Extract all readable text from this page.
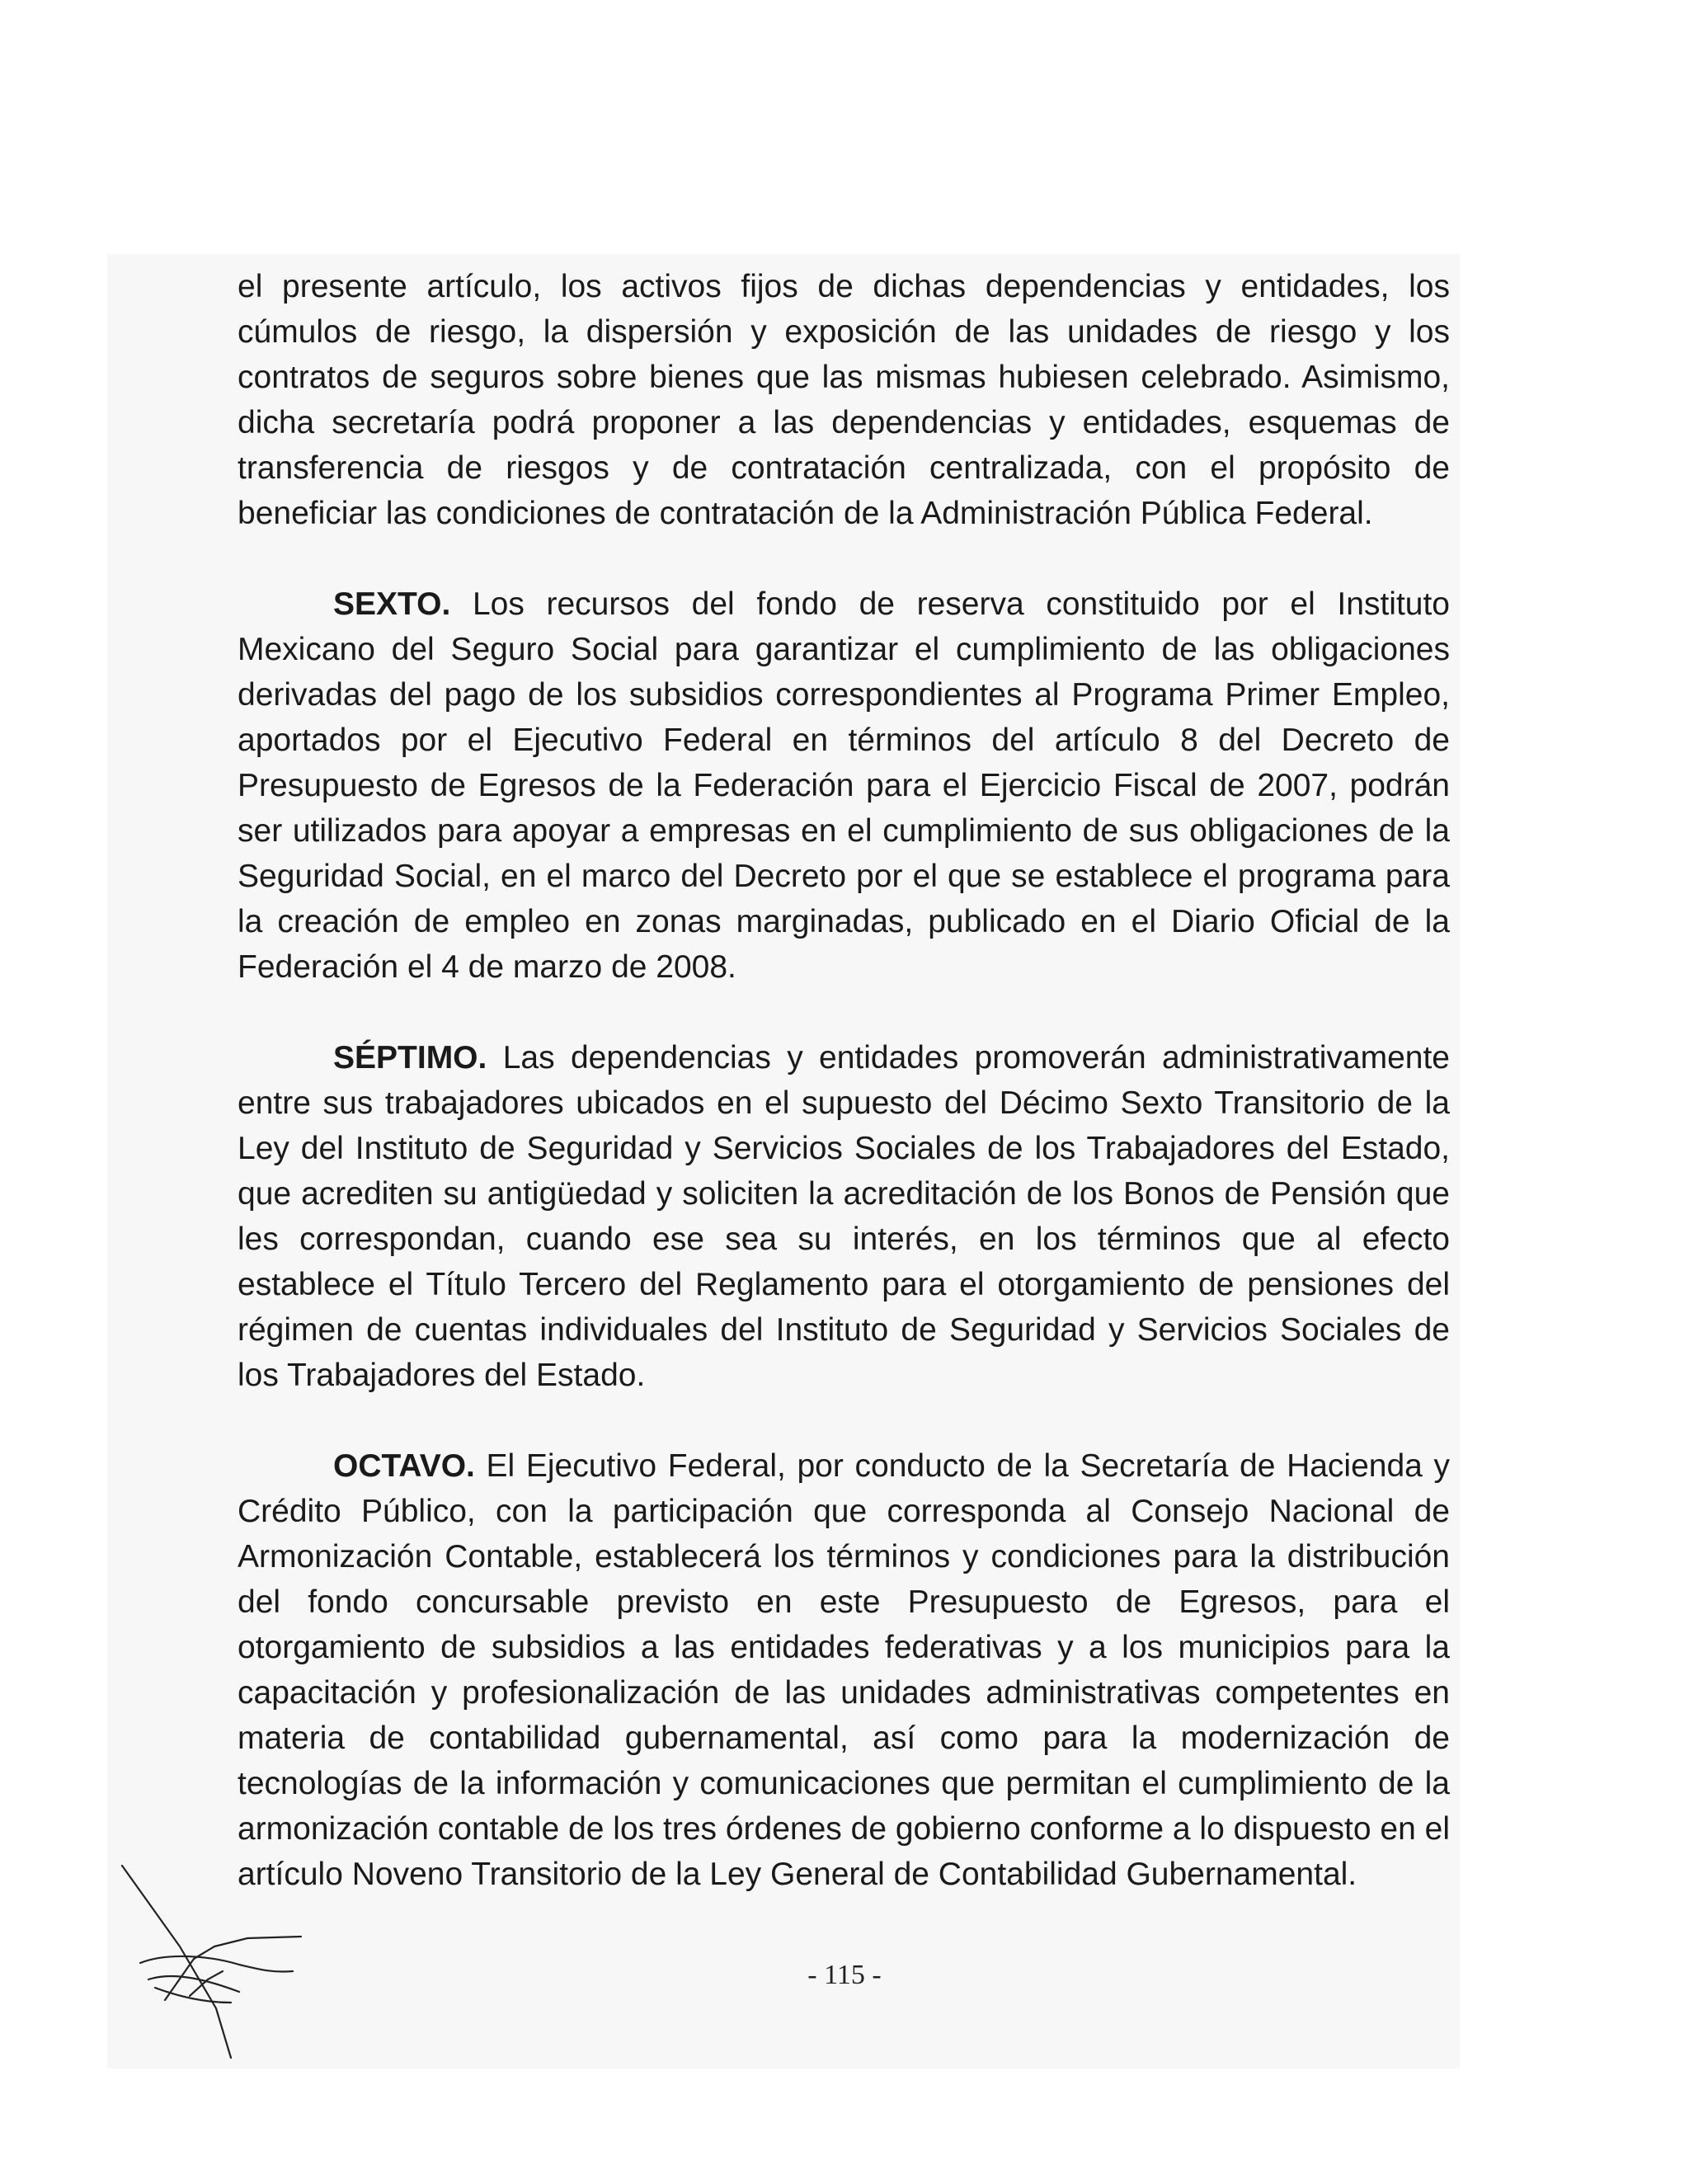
el presente artículo, los activos fijos de dichas dependencias y entidades, los cúmulos de riesgo, la dispersión y exposición de las unidades de riesgo y los contratos de seguros sobre bienes que las mismas hubiesen celebrado. Asimismo, dicha secretaría podrá proponer a las dependencias y entidades, esquemas de transferencia de riesgos y de contratación centralizada, con el propósito de beneficiar las condiciones de contratación de la Administración Pública Federal.

SEXTO. Los recursos del fondo de reserva constituido por el Instituto Mexicano del Seguro Social para garantizar el cumplimiento de las obligaciones derivadas del pago de los subsidios correspondientes al Programa Primer Empleo, aportados por el Ejecutivo Federal en términos del artículo 8 del Decreto de Presupuesto de Egresos de la Federación para el Ejercicio Fiscal de 2007, podrán ser utilizados para apoyar a empresas en el cumplimiento de sus obligaciones de la Seguridad Social, en el marco del Decreto por el que se establece el programa para la creación de empleo en zonas marginadas, publicado en el Diario Oficial de la Federación el 4 de marzo de 2008.

SÉPTIMO. Las dependencias y entidades promoverán administrativamente entre sus trabajadores ubicados en el supuesto del Décimo Sexto Transitorio de la Ley del Instituto de Seguridad y Servicios Sociales de los Trabajadores del Estado, que acrediten su antigüedad y soliciten la acreditación de los Bonos de Pensión que les correspondan, cuando ese sea su interés, en los términos que al efecto establece el Título Tercero del Reglamento para el otorgamiento de pensiones del régimen de cuentas individuales del Instituto de Seguridad y Servicios Sociales de los Trabajadores del Estado.

OCTAVO. El Ejecutivo Federal, por conducto de la Secretaría de Hacienda y Crédito Público, con la participación que corresponda al Consejo Nacional de Armonización Contable, establecerá los términos y condiciones para la distribución del fondo concursable previsto en este Presupuesto de Egresos, para el otorgamiento de subsidios a las entidades federativas y a los municipios para la capacitación y profesionalización de las unidades administrativas competentes en materia de contabilidad gubernamental, así como para la modernización de tecnologías de la información y comunicaciones que permitan el cumplimiento de la armonización contable de los tres órdenes de gobierno conforme a lo dispuesto en el artículo Noveno Transitorio de la Ley General de Contabilidad Gubernamental.

- 115 -
